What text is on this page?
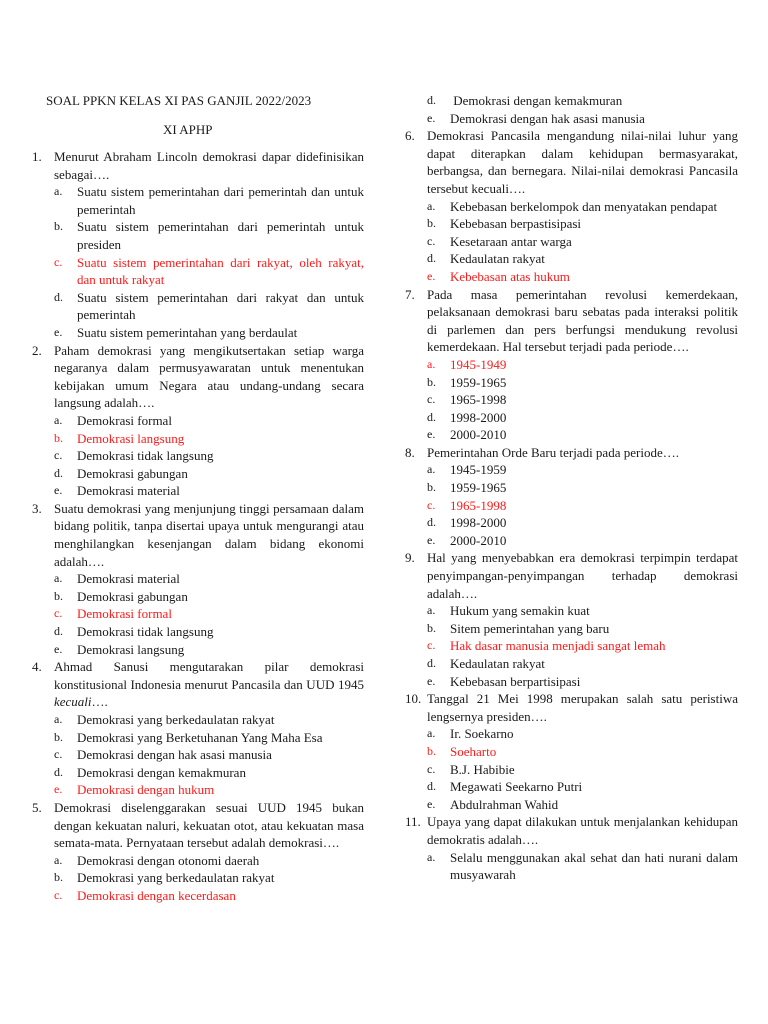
SOAL PPKN KELAS XI PAS GANJIL 2022/2023
XI APHP
1. Menurut Abraham Lincoln demokrasi dapar didefinisikan sebagai….
a.	Suatu sistem pemerintahan dari pemerintah dan untuk pemerintah
b.	Suatu sistem pemerintahan dari pemerintah untuk presiden
c.	Suatu sistem pemerintahan dari rakyat, oleh rakyat, dan untuk rakyat
d.	Suatu sistem pemerintahan dari rakyat dan untuk pemerintah
e.	Suatu sistem pemerintahan yang berdaulat
2. Paham demokrasi yang mengikutsertakan setiap warga negaranya dalam permusyawaratan untuk menentukan kebijakan umum Negara atau undang-undang secara langsung adalah….
a.	Demokrasi formal
b.	Demokrasi langsung
c.	Demokrasi tidak langsung
d.	Demokrasi gabungan
e.	Demokrasi material
3. Suatu demokrasi yang menjunjung tinggi persamaan dalam bidang politik, tanpa disertai upaya untuk mengurangi atau menghilangkan kesenjangan dalam bidang ekonomi adalah….
a.	Demokrasi material
b.	Demokrasi gabungan
c.	Demokrasi formal
d.	Demokrasi tidak langsung
e.	Demokrasi langsung
4. Ahmad Sanusi mengutarakan pilar demokrasi konstitusional Indonesia menurut Pancasila dan UUD 1945 kecuali….
a.	Demokrasi yang berkedaulatan rakyat
b.	Demokrasi yang Berketuhanan Yang Maha Esa
c.	Demokrasi dengan hak asasi manusia
d.	Demokrasi dengan kemakmuran
e.	Demokrasi dengan hukum
5. Demokrasi diselenggarakan sesuai UUD 1945 bukan dengan kekuatan naluri, kekuatan otot, atau kekuatan masa semata-mata. Pernyataan tersebut adalah demokrasi….
a.	Demokrasi dengan otonomi daerah
b.	Demokrasi yang berkedaulatan rakyat
c.	Demokrasi dengan kecerdasan
d.	Demokrasi dengan kemakmuran
e.	Demokrasi dengan hak asasi manusia
6. Demokrasi Pancasila mengandung nilai-nilai luhur yang dapat diterapkan dalam kehidupan bermasyarakat, berbangsa, dan bernegara. Nilai-nilai demokrasi Pancasila tersebut kecuali….
a.	Kebebasan berkelompok dan menyatakan pendapat
b.	Kebebasan berpastisipasi
c.	Kesetaraan antar warga
d.	Kedaulatan rakyat
e.	Kebebasan atas hukum
7. Pada masa pemerintahan revolusi kemerdekaan, pelaksanaan demokrasi baru sebatas pada interaksi politik di parlemen dan pers berfungsi mendukung revolusi kemerdekaan. Hal tersebut terjadi pada periode….
a.	1945-1949
b.	1959-1965
c.	1965-1998
d.	1998-2000
e.	2000-2010
8. Pemerintahan Orde Baru terjadi pada periode….
a.	1945-1959
b.	1959-1965
c.	1965-1998
d.	1998-2000
e.	2000-2010
9. Hal yang menyebabkan era demokrasi terpimpin terdapat penyimpangan-penyimpangan terhadap demokrasi adalah….
a.	Hukum yang semakin kuat
b.	Sitem pemerintahan yang baru
c.	Hak dasar manusia menjadi sangat lemah
d.	Kedaulatan rakyat
e.	Kebebasan berpartisipasi
10. Tanggal 21 Mei 1998 merupakan salah satu peristiwa lengsernya presiden….
a.	Ir. Soekarno
b.	Soeharto
c.	B.J. Habibie
d.	Megawati Seekarno Putri
e.	Abdulrahman Wahid
11. Upaya yang dapat dilakukan untuk menjalankan kehidupan demokratis adalah….
a.	Selalu menggunakan akal sehat dan hati nurani dalam musyawarah
